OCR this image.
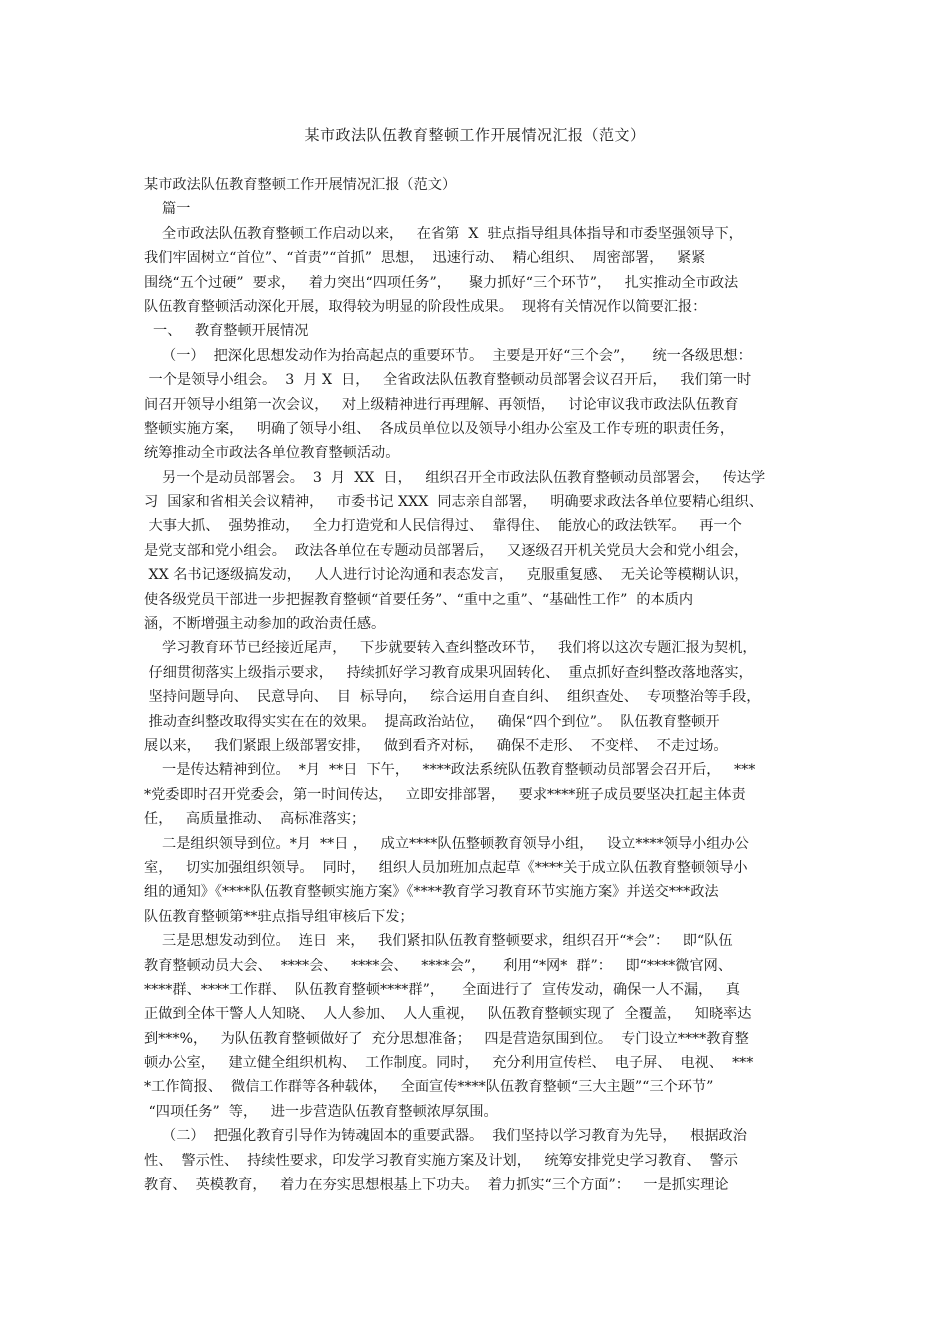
某市政法队伍教育整顿工作开展情况汇报（范文）
某市政法队伍教育整顿工作开展情况汇报（范文）
篇一
全市政法队伍教育整顿工作启动以来，   在省第  X  驻点指导组具体指导和市委坚强领导下，
我们牢固树立“首位”、“首责”“首抓”  思想，  迅速行动、  精心组织、  周密部署，   紧紧
围绕“五个过硬”  要求，   着力突出“四项任务”，    聚力抓好“三个环节”，   扎实推动全市政法
队伍教育整顿活动深化开展，取得较为明显的阶段性成果。  现将有关情况作以简要汇报：
一、   教育整顿开展情况
（一）  把深化思想发动作为抬高起点的重要环节。  主要是开好“三个会”，    统一各级思想：
一个是领导小组会。  3  月 X  日，   全省政法队伍教育整顿动员部署会议召开后，   我们第一时
间召开领导小组第一次会议，   对上级精神进行再理解、再领悟，   讨论审议我市政法队伍教育
整顿实施方案，   明确了领导小组、  各成员单位以及领导小组办公室及工作专班的职责任务，
统筹推动全市政法各单位教育整顿活动。
另一个是动员部署会。  3  月  XX  日，   组织召开全市政法队伍教育整顿动员部署会，   传达学
习  国家和省相关会议精神，   市委书记 XXX  同志亲自部署，   明确要求政法各单位要精心组织、
大事大抓、  强势推动，   全力打造党和人民信得过、  靠得住、  能放心的政法铁军。   再一个
是党支部和党小组会。  政法各单位在专题动员部署后，   又逐级召开机关党员大会和党小组会，
XX 名书记逐级搞发动，   人人进行讨论沟通和表态发言，   克服重复感、  无关论等模糊认识，
使各级党员干部进一步把握教育整顿“首要任务”、“重中之重”、“基础性工作”  的本质内
涵，不断增强主动参加的政治责任感。
学习教育环节已经接近尾声，   下步就要转入查纠整改环节，   我们将以这次专题汇报为契机，
仔细贯彻落实上级指示要求，   持续抓好学习教育成果巩固转化、  重点抓好查纠整改落地落实，
坚持问题导向、  民意导向、  目  标导向，   综合运用自查自纠、  组织查处、  专项整治等手段，
推动查纠整改取得实实在在的效果。  提高政治站位，   确保“四个到位”。  队伍教育整顿开
展以来，   我们紧跟上级部署安排，   做到看齐对标，   确保不走形、  不变样、  不走过场。
一是传达精神到位。  *月  **日  下午，   ****政法系统队伍教育整顿动员部署会召开后，   ***
*党委即时召开党委会，第一时间传达，   立即安排部署，   要求****班子成员要坚决扛起主体责
任，   高质量推动、  高标准落实；
二是组织领导到位。*月  **日 ，   成立****队伍整顿教育领导小组，   设立****领导小组办公
室，   切实加强组织领导。  同时，   组织人员加班加点起草《****关于成立队伍教育整顿领导小
组的通知》《****队伍教育整顿实施方案》《****教育学习教育环节实施方案》并送交***政法
队伍教育整顿第**驻点指导组审核后下发；
三是思想发动到位。  连日  来，   我们紧扣队伍教育整顿要求，组织召开“*会”：   即“队伍
教育整顿动员大会、  ****会、   ****会、   ****会”，    利用“*网*  群”：   即“****微官网、
****群、****工作群、  队伍教育整顿****群”，    全面进行了  宣传发动，确保一人不漏，   真
正做到全体干警人人知晓、  人人参加、  人人重视，   队伍教育整顿实现了  全覆盖，   知晓率达
到***%，   为队伍教育整顿做好了  充分思想准备；   四是营造氛围到位。  专门设立****教育整
顿办公室，   建立健全组织机构、  工作制度。同时，   充分利用宣传栏、  电子屏、  电视、  ***
*工作简报、  微信工作群等各种载体，   全面宣传****队伍教育整顿“三大主题”“三个环节”
“四项任务”  等，   进一步营造队伍教育整顿浓厚氛围。
（二）  把强化教育引导作为铸魂固本的重要武器。  我们坚持以学习教育为先导，   根据政治
性、  警示性、  持续性要求，印发学习教育实施方案及计划，   统筹安排党史学习教育、  警示
教育、  英模教育，   着力在夯实思想根基上下功夫。  着力抓实“三个方面”：   一是抓实理论
